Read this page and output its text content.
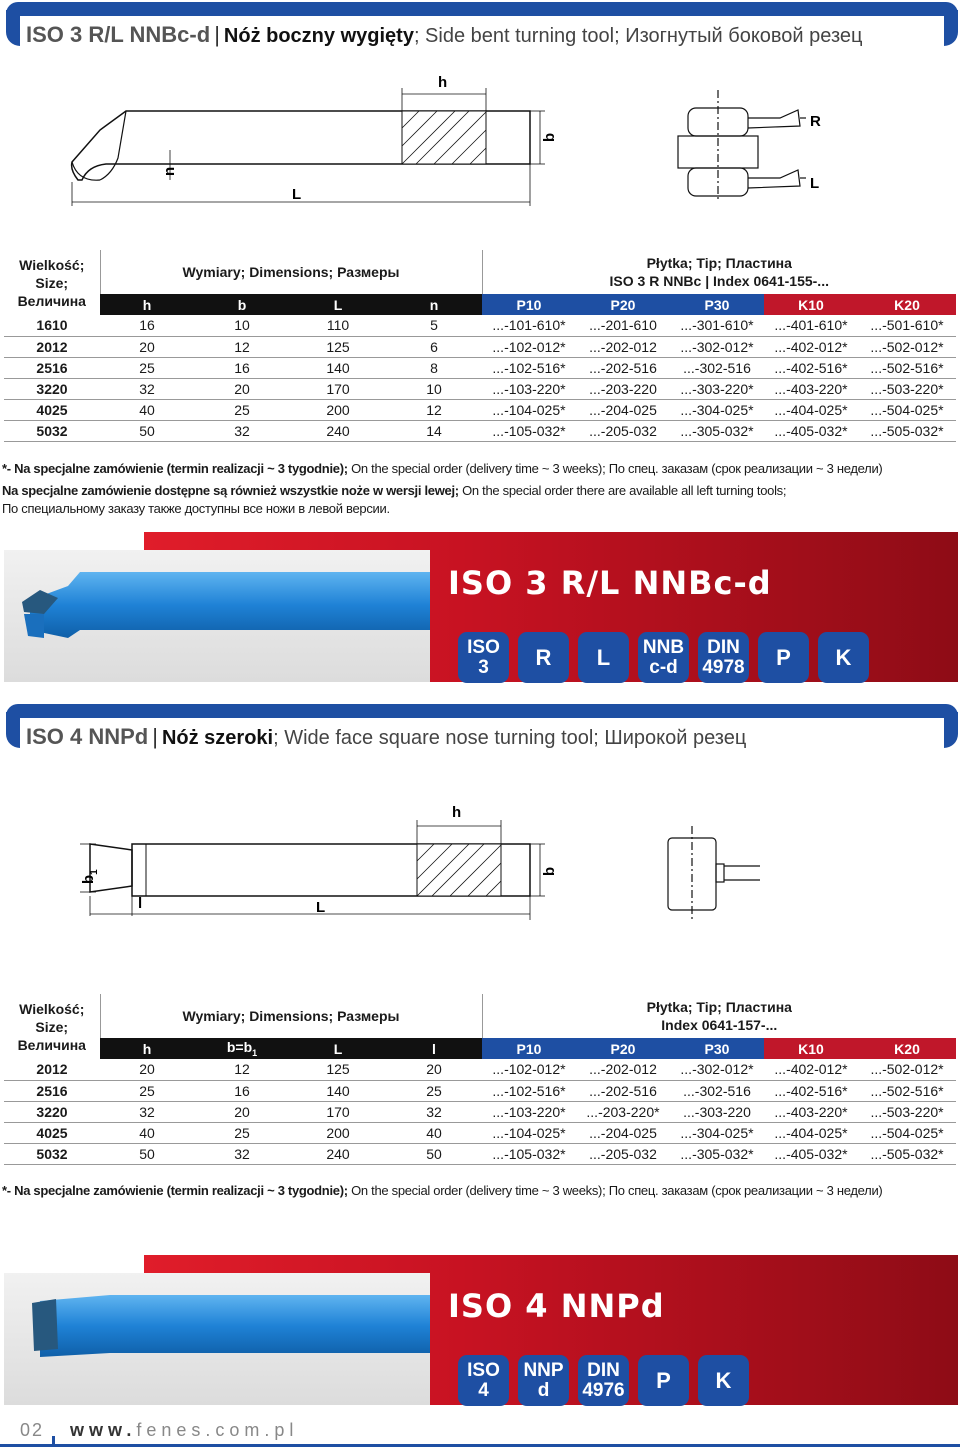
ISO 3 R/L NNBc-d | Nóż boczny wygięty; Side bent turning tool; Изогнутый боковой резец
h
b
L
n
R
L
Wielkość;
Size;
Величина	Wymiary; Dimensions; Размеры				Płytka; Tip; Пластина
ISO 3 R NNBc | Index 0641-155-...				
	h	b	L	n	P10	P20	P30	K10	K20
1610	16	10	110	5	...-101-610*	...-201-610	...-301-610*	...-401-610*	...-501-610*
2012	20	12	125	6	...-102-012*	...-202-012	...-302-012*	...-402-012*	...-502-012*
2516	25	16	140	8	...-102-516*	...-202-516	...-302-516	...-402-516*	...-502-516*
3220	32	20	170	10	...-103-220*	...-203-220	...-303-220*	...-403-220*	...-503-220*
4025	40	25	200	12	...-104-025*	...-204-025	...-304-025*	...-404-025*	...-504-025*
5032	50	32	240	14	...-105-032*	...-205-032	...-305-032*	...-405-032*	...-505-032*
*- Na specjalne zamówienie (termin realizacji ~ 3 tygodnie); On the special order (delivery time ~ 3 weeks); По спец. заказам (срок реализации ~ 3 недели)
Na specjalne zamówienie dostępne są również wszystkie noże w wersji lewej; On the special order there are available all left turning tools;
По специальному заказу также доступны все ножи в левой версии.
ISO 3 R/L NNBc-d
ISO
3 R L NNB
c-d
DIN
4978 P K
ISO 4 NNPd | Nóż szeroki; Wide face square nose turning tool; Широкой резец
h
b
$b_1$
l	L
Wielkość;
Size;
Величина	Wymiary; Dimensions; Размеры				Płytka; Tip; Пластина
Index 0641-157-...				
	h	$b=b_1$	L	l	P10	P20	P30	K10	K20
2012	20	12	125	20	...-102-012*	...-202-012	...-302-012*	...-402-012*	...-502-012*
2516	25	16	140	25	...-102-516*	...-202-516	...-302-516	...-402-516*	...-502-516*
3220	32	20	170	32	...-103-220*	...-203-220*	...-303-220	...-403-220*	...-503-220*
4025	40	25	200	40	...-104-025*	...-204-025	...-304-025*	...-404-025*	...-504-025*
5032	50	32	240	50	...-105-032*	...-205-032	...-305-032*	...-405-032*	...-505-032*
*- Na specjalne zamówienie (termin realizacji ~ 3 tygodnie); On the special order (delivery time ~ 3 weeks); По спец. заказам (срок реализации ~ 3 недели)
ISO 4 NNPd
ISO
4
NNP
d
DIN
4976 P K
02 www.fenes.com.pl
